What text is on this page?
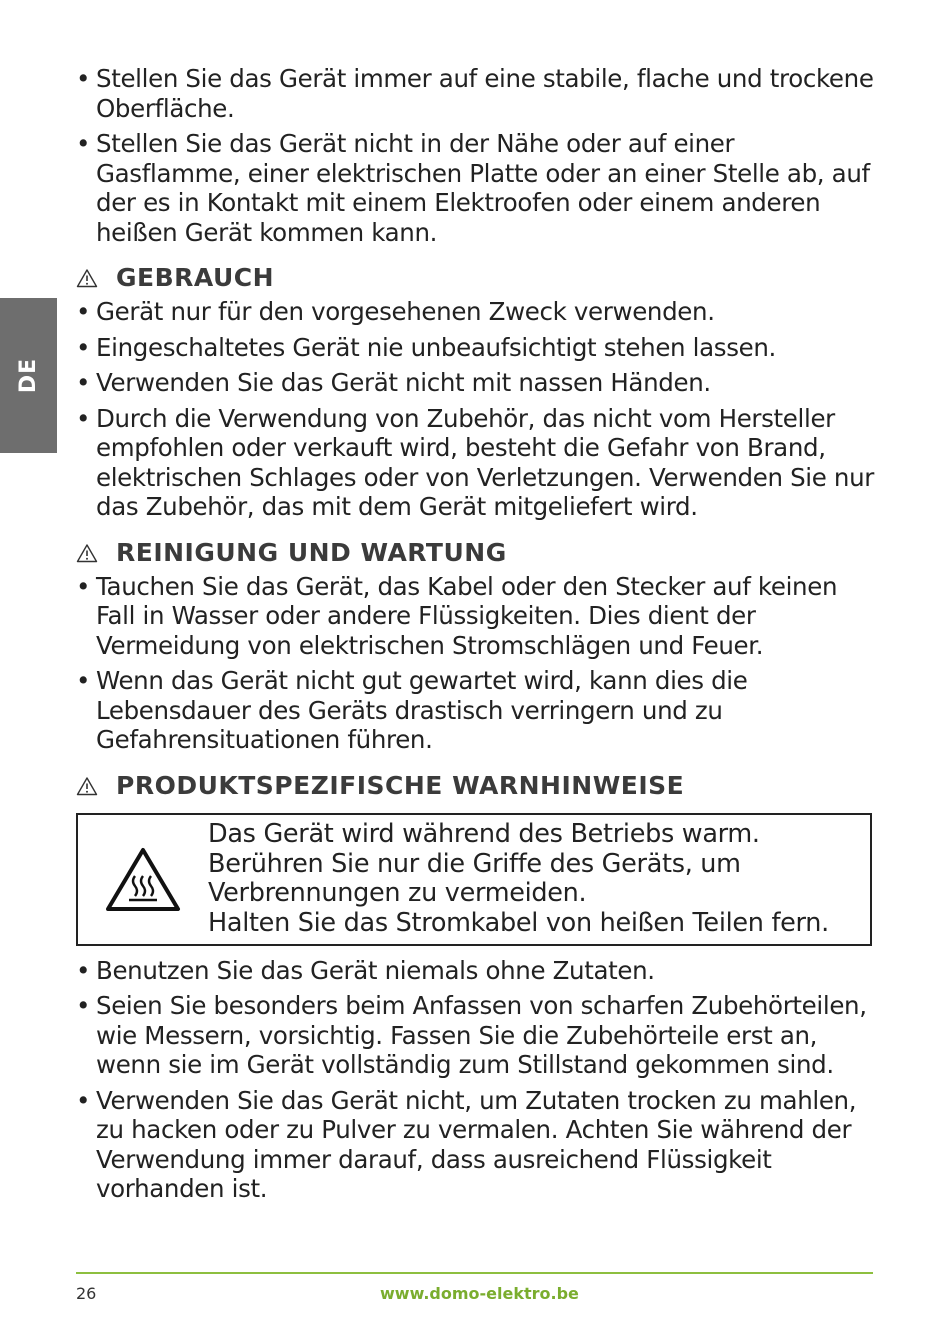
DE
• Stellen Sie das Gerät immer auf eine stabile, flache und trockene Oberfläche.
• Stellen Sie das Gerät nicht in der Nähe oder auf einer Gasflamme, einer elektrischen Platte oder an einer Stelle ab, auf der es in Kontakt mit einem Elektroofen oder einem anderen heißen Gerät kommen kann.
GEBRAUCH
• Gerät nur für den vorgesehenen Zweck verwenden.
• Eingeschaltetes Gerät nie unbeaufsichtigt stehen lassen.
• Verwenden Sie das Gerät nicht mit nassen Händen.
• Durch die Verwendung von Zubehör, das nicht vom Hersteller empfohlen oder verkauft wird, besteht die Gefahr von Brand, elektrischen Schlages oder von Verletzungen. Verwenden Sie nur das Zubehör, das mit dem Gerät mitgeliefert wird.
REINIGUNG UND WARTUNG
• Tauchen Sie das Gerät, das Kabel oder den Stecker auf keinen Fall in Wasser oder andere Flüssigkeiten. Dies dient der Vermeidung von elektrischen Stromschlägen und Feuer.
• Wenn das Gerät nicht gut gewartet wird, kann dies die Lebensdauer des Geräts drastisch verringern und zu Gefahrensituationen führen.
PRODUKTSPEZIFISCHE WARNHINWEISE
Das Gerät wird während des Betriebs warm.
Berühren Sie nur die Griffe des Geräts, um
Verbrennungen zu vermeiden.
Halten Sie das Stromkabel von heißen Teilen fern.
• Benutzen Sie das Gerät niemals ohne Zutaten.
• Seien Sie besonders beim Anfassen von scharfen Zubehörteilen, wie Messern, vorsichtig. Fassen Sie die Zubehörteile erst an, wenn sie im Gerät vollständig zum Stillstand gekommen sind.
• Verwenden Sie das Gerät nicht, um Zutaten trocken zu mahlen, zu hacken oder zu Pulver zu vermalen. Achten Sie während der Verwendung immer darauf, dass ausreichend Flüssigkeit vorhanden ist.
26	www.domo-elektro.be
